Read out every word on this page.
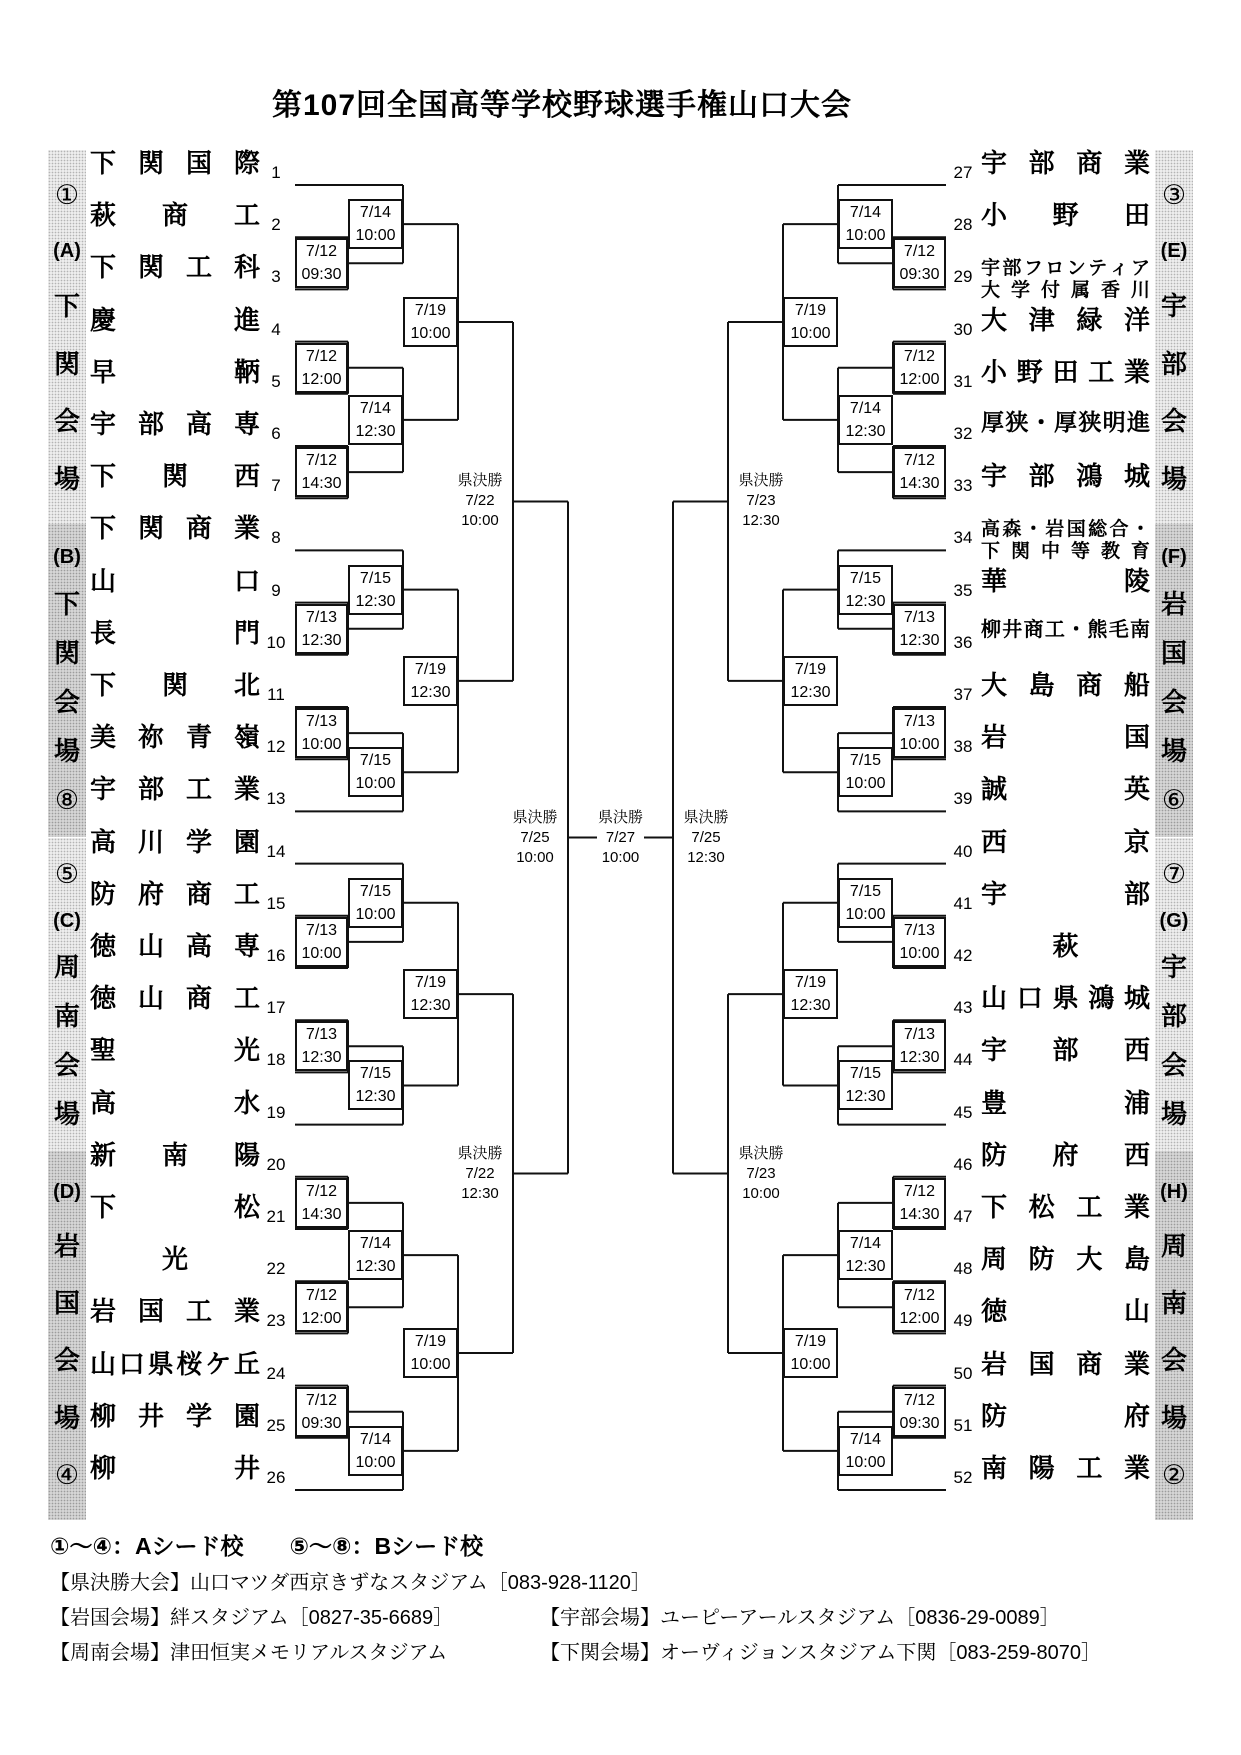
第107回全国高等学校野球選手権山口大会
1
下 関 国 際
2
萩 商 工
3
下 関 工 科
4
慶	進
5
早	鞆
6
宇 部 高 専
7
下 関 西
8
下 関 商 業
9
山	口
10
長	門
11
下 関 北
12
美 祢 青 嶺
13
宇 部 工 業
14
高 川 学 園
15
防 府 商 工
16
徳 山 高 専
17
徳 山 商 工
18
聖	光
19
高	水
20
新 南 陽
21
下	松
22
光
23
岩 国 工 業
24
山 口 県 桜 ケ 丘
25
柳 井 学 園
26
柳	井
27 宇 部 商 業
28 小 野 田
29 宇 部 フ ロ ン テ ィ ア
大 学 付 属 香 川
30 大 津 緑 洋
31 小 野 田 工 業
32 厚 狭 ・ 厚 狭 明 進
33 宇 部 鴻 城
34 高 森 ・ 岩 国 総 合 ・
下 関 中 等 教 育
35 華	陵
36
柳 井 商 工 ・ 熊 毛 南
37 大 島 商 船
38 岩	国
39 誠	英
40 西	京
41 宇	部
42	萩
43 山 口 県 鴻 城
44 宇 部 西
45 豊	浦
46 防 府 西
47 下 松 工 業
48 周 防 大 島
49 徳	山
50 岩 国 商 業
51 防	府
52 南 陽 工 業
①
(A)
下
関
会
場
(B)
下
関
会
場
⑧
⑤
(C)
周
南
会
場
(D)
岩
国
会
場
④
③
(E)
宇
部
会
場
(F)
岩
国
会
場
⑥
⑦
(G)
宇
部
会
場
(H)
周
南
会
場
②
7/12
09:30
7/12
12:00
7/12
14:30
7/13
12:30
7/13
10:00
7/13
10:00
7/13
12:30
7/12
14:30
7/12
12:00
7/12
09:30
7/14
10:00
7/14
12:30
7/15
12:30
7/15
10:00
7/15
10:00
7/15
12:30
7/14
12:30
7/14
10:00
7/19
10:00
7/19
12:30
7/19
12:30
7/19
10:00
県決勝
7/22
10:00
県決勝
7/22
12:30
県決勝
7/25
10:00
7/12
09:30
7/12
12:00
7/12
14:30
7/13
12:30
7/13
10:00
7/13
10:00
7/13
12:30
7/12
14:30
7/12
12:00
7/12
09:30
7/14
10:00
7/14
12:30
7/15
12:30
7/15
10:00
7/15
10:00
7/15
12:30
7/14
12:30
7/14
10:00
7/19
10:00
7/19
12:30
7/19
12:30
7/19
10:00
県決勝
7/23
12:30
県決勝
7/23
10:00
県決勝
7/25
12:30
県決勝
7/27
10:00
①～④：Aシード校　　⑤～⑧：Bシード校
【県決勝大会】山口マツダ西京きずなスタジアム［083-928-1120］
【岩国会場】絆スタジアム［0827-35-6689］	【宇部会場】ユーピーアールスタジアム［0836-29-0089］
【周南会場】津田恒実メモリアルスタジアム	【下関会場】オーヴィジョンスタジアム下関［083-259-8070］
